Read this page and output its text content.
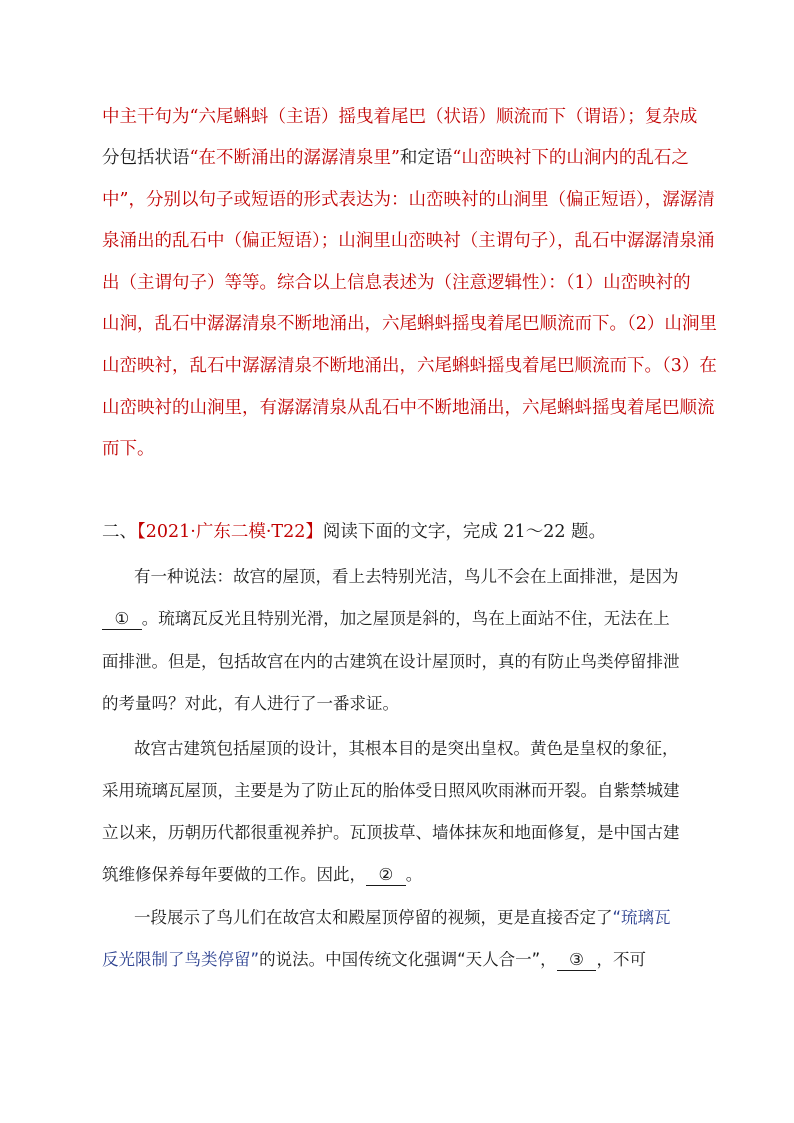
中主干句为“六尾蝌蚪（主语）摇曳着尾巴（状语）顺流而下（谓语）；复杂成
分包括状语“在不断涌出的潺潺清泉里”和定语“山峦映衬下的山涧内的乱石之
中”，分别以句子或短语的形式表达为：山峦映衬的山涧里（偏正短语），潺潺清
泉涌出的乱石中（偏正短语）；山涧里山峦映衬（主谓句子），乱石中潺潺清泉涌
出（主谓句子）等等。综合以上信息表述为（注意逻辑性）：（1）山峦映衬的
山涧，乱石中潺潺清泉不断地涌出，六尾蝌蚪摇曳着尾巴顺流而下。（2）山涧里
山峦映衬，乱石中潺潺清泉不断地涌出，六尾蝌蚪摇曳着尾巴顺流而下。（3）在
山峦映衬的山涧里，有潺潺清泉从乱石中不断地涌出，六尾蝌蚪摇曳着尾巴顺流
而下。
二、【2021·广东二模·T22】阅读下面的文字，完成 21～22 题。
有一种说法：故宫的屋顶，看上去特别光洁，鸟儿不会在上面排泄，是因为
① 。琉璃瓦反光且特别光滑，加之屋顶是斜的，鸟在上面站不住，无法在上
面排泄。但是，包括故宫在内的古建筑在设计屋顶时，真的有防止鸟类停留排泄
的考量吗？对此，有人进行了一番求证。
故宫古建筑包括屋顶的设计，其根本目的是突出皇权。黄色是皇权的象征，
采用琉璃瓦屋顶，主要是为了防止瓦的胎体受日照风吹雨淋而开裂。自紫禁城建
立以来，历朝历代都很重视养护。瓦顶拔草、墙体抹灰和地面修复，是中国古建
筑维修保养每年要做的工作。因此， ② 。
一段展示了鸟儿们在故宫太和殿屋顶停留的视频，更是直接否定了“琉璃瓦
反光限制了鸟类停留”的说法。中国传统文化强调“天人合一”， ③ ，不可
